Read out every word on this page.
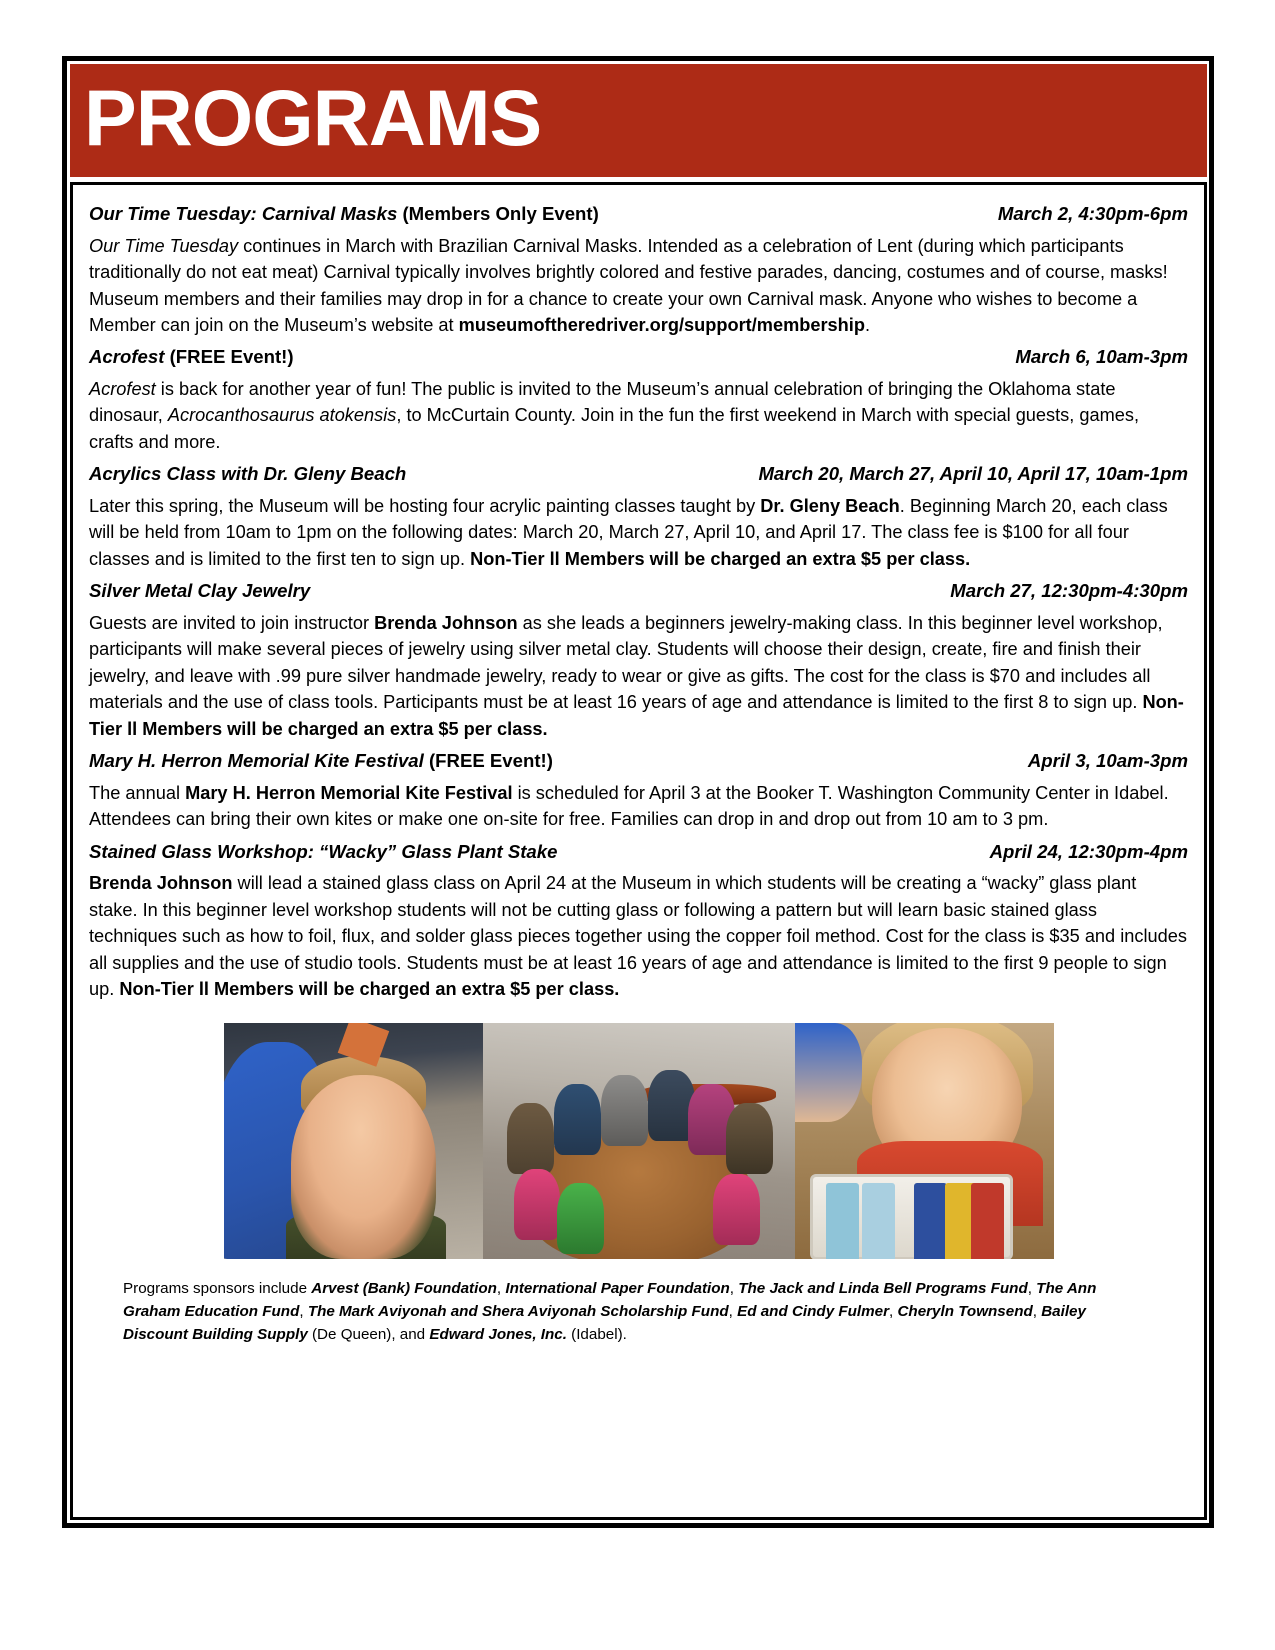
PROGRAMS
Our Time Tuesday: Carnival Masks (Members Only Event)	March 2, 4:30pm-6pm
Our Time Tuesday continues in March with Brazilian Carnival Masks. Intended as a celebration of Lent (during which participants traditionally do not eat meat) Carnival typically involves brightly colored and festive parades, dancing, costumes and of course, masks! Museum members and their families may drop in for a chance to create your own Carnival mask. Anyone who wishes to become a Member can join on the Museum’s website at museumoftheredriver.org/support/membership.
Acrofest (FREE Event!)	March 6, 10am-3pm
Acrofest is back for another year of fun! The public is invited to the Museum’s annual celebration of bringing the Oklahoma state dinosaur, Acrocanthosaurus atokensis, to McCurtain County. Join in the fun the first weekend in March with special guests, games, crafts and more.
Acrylics Class with Dr. Gleny Beach	March 20, March 27, April 10, April 17, 10am-1pm
Later this spring, the Museum will be hosting four acrylic painting classes taught by Dr. Gleny Beach. Beginning March 20, each class will be held from 10am to 1pm on the following dates: March 20, March 27, April 10, and April 17. The class fee is $100 for all four classes and is limited to the first ten to sign up. Non-Tier ll Members will be charged an extra $5 per class.
Silver Metal Clay Jewelry	March 27, 12:30pm-4:30pm
Guests are invited to join instructor Brenda Johnson as she leads a beginners jewelry-making class. In this beginner level workshop, participants will make several pieces of jewelry using silver metal clay. Students will choose their design, create, fire and finish their jewelry, and leave with .99 pure silver handmade jewelry, ready to wear or give as gifts. The cost for the class is $70 and includes all materials and the use of class tools. Participants must be at least 16 years of age and attendance is limited to the first 8 to sign up. Non-Tier ll Members will be charged an extra $5 per class.
Mary H. Herron Memorial Kite Festival (FREE Event!)	April 3, 10am-3pm
The annual Mary H. Herron Memorial Kite Festival is scheduled for April 3 at the Booker T. Washington Community Center in Idabel. Attendees can bring their own kites or make one on-site for free. Families can drop in and drop out from 10 am to 3 pm.
Stained Glass Workshop: “Wacky” Glass Plant Stake	April 24, 12:30pm-4pm
Brenda Johnson will lead a stained glass class on April 24 at the Museum in which students will be creating a “wacky” glass plant stake. In this beginner level workshop students will not be cutting glass or following a pattern but will learn basic stained glass techniques such as how to foil, flux, and solder glass pieces together using the copper foil method. Cost for the class is $35 and includes all supplies and the use of studio tools. Students must be at least 16 years of age and attendance is limited to the first 9 people to sign up. Non-Tier ll Members will be charged an extra $5 per class.
Programs sponsors include Arvest (Bank) Foundation, International Paper Foundation, The Jack and Linda Bell Programs Fund, The Ann Graham Education Fund, The Mark Aviyonah and Shera Aviyonah Scholarship Fund, Ed and Cindy Fulmer, Cheryln Townsend, Bailey Discount Building Supply (De Queen), and Edward Jones, Inc. (Idabel).
